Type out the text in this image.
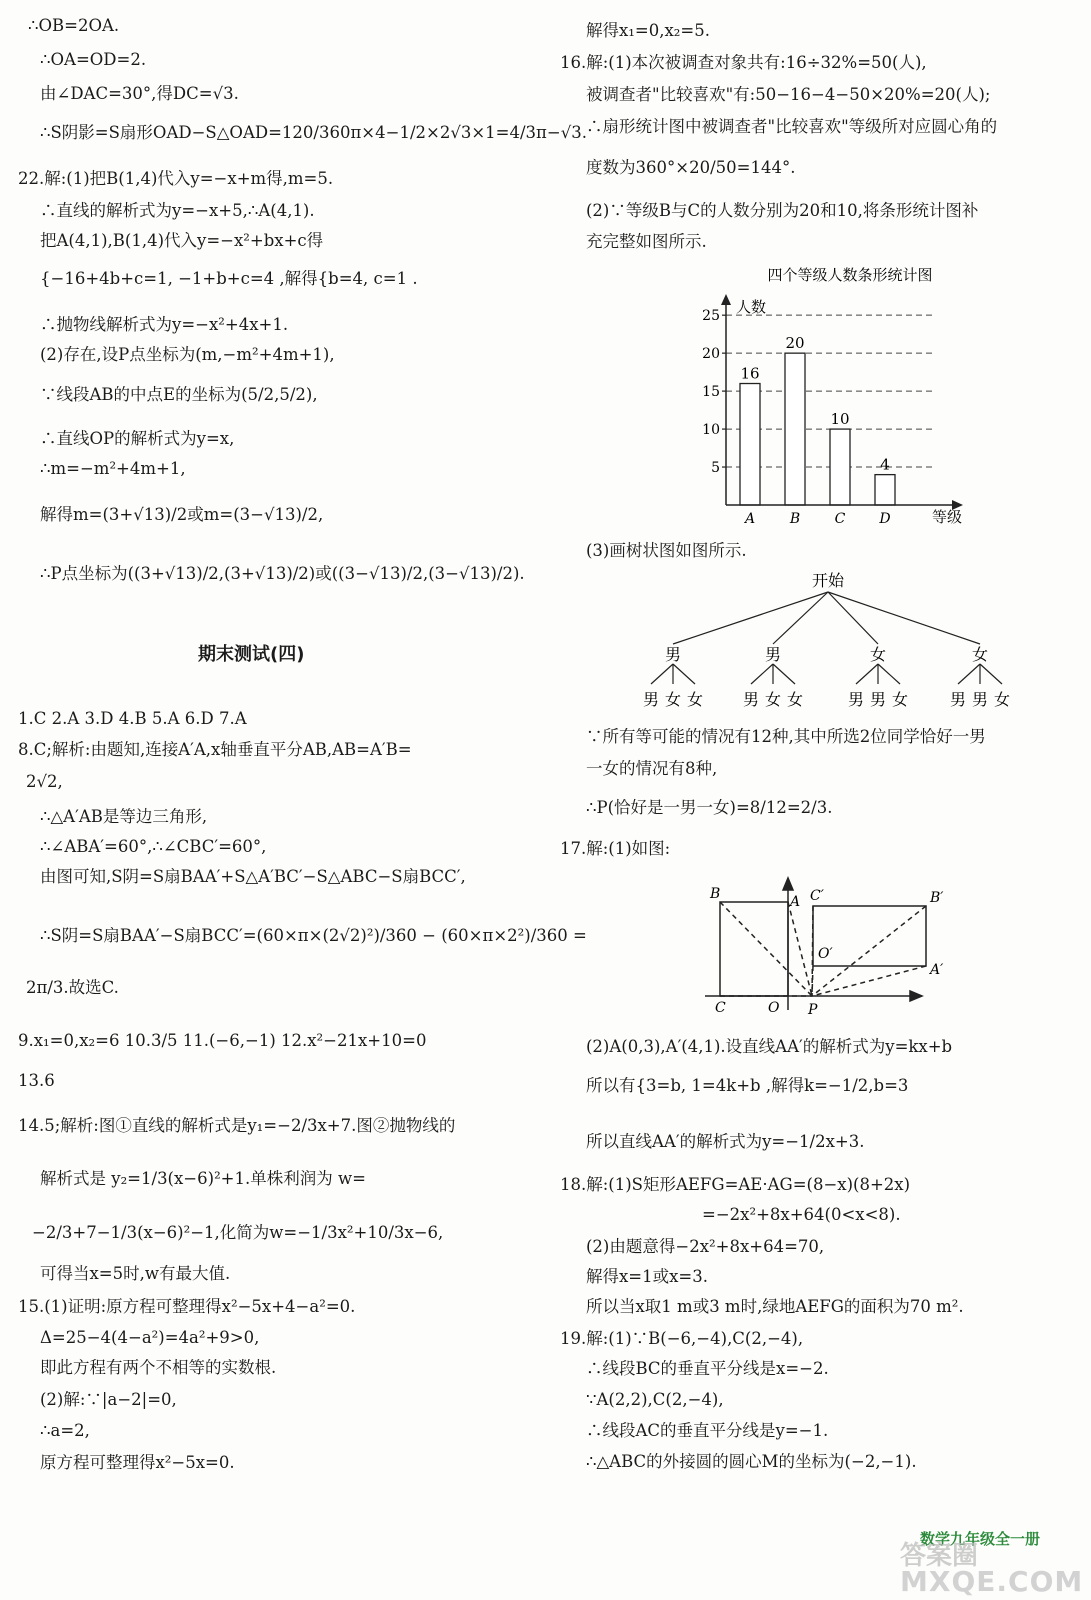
∴OB=2OA.
∴OA=OD=2.
由∠DAC=30°,得DC=√3.
∴S阴影=S扇形OAD−S△OAD=120/360π×4−1/2×2√3×1=4/3π−√3.
22.解:(1)把B(1,4)代入y=−x+m得,m=5.
∴直线的解析式为y=−x+5,∴A(4,1).
把A(4,1),B(1,4)代入y=−x²+bx+c得
{−16+4b+c=1, −1+b+c=4 ,解得{b=4, c=1 .
∴抛物线解析式为y=−x²+4x+1.
(2)存在,设P点坐标为(m,−m²+4m+1),
∵线段AB的中点E的坐标为(5/2,5/2),
∴直线OP的解析式为y=x,
∴m=−m²+4m+1,
解得m=(3+√13)/2或m=(3−√13)/2,
∴P点坐标为((3+√13)/2,(3+√13)/2)或((3−√13)/2,(3−√13)/2).
期末测试(四)
1.C 2.A 3.D 4.B 5.A 6.D 7.A
8.C;解析:由题知,连接A′A,x轴垂直平分AB,AB=A′B=
2√2,
∴△A′AB是等边三角形,
∴∠ABA′=60°,∴∠CBC′=60°,
由图可知,S阴=S扇BAA′+S△A′BC′−S△ABC−S扇BCC′,
∴S阴=S扇BAA′−S扇BCC′=(60×π×(2√2)²)/360 − (60×π×2²)/360 =
2π/3.故选C.
9.x₁=0,x₂=6 10.3/5 11.(−6,−1) 12.x²−21x+10=0
13.6
14.5;解析:图①直线的解析式是y₁=−2/3x+7.图②抛物线的
解析式是 y₂=1/3(x−6)²+1.单株利润为 w=
−2/3+7−1/3(x−6)²−1,化简为w=−1/3x²+10/3x−6,
可得当x=5时,w有最大值.
15.(1)证明:原方程可整理得x²−5x+4−a²=0.
Δ=25−4(4−a²)=4a²+9>0,
即此方程有两个不相等的实数根.
(2)解:∵|a−2|=0,
∴a=2,
原方程可整理得x²−5x=0.
解得x₁=0,x₂=5.
16.解:(1)本次被调查对象共有:16÷32%=50(人),
被调查者"比较喜欢"有:50−16−4−50×20%=20(人);
∴扇形统计图中被调查者"比较喜欢"等级所对应圆心角的
度数为360°×20/50=144°.
(2)∵等级B与C的人数分别为20和10,将条形统计图补
充完整如图所示.
四个等级人数条形统计图
人数
等级
5
10
15
20
25
16
A
20
B
10
C
4
D
(3)画树状图如图所示.
开始
男
男 女 女
男
男 女 女
女
男 男 女
女
男 男 女
∵所有等可能的情况有12种,其中所选2位同学恰好一男
一女的情况有8种,
∴P(恰好是一男一女)=8/12=2/3.
17.解:(1)如图:
B	A C′	B′
O′
A′
C	O P
(2)A(0,3),A′(4,1).设直线AA′的解析式为y=kx+b
所以有{3=b, 1=4k+b ,解得k=−1/2,b=3
所以直线AA′的解析式为y=−1/2x+3.
18.解:(1)S矩形AEFG=AE·AG=(8−x)(8+2x)
=−2x²+8x+64(0<x<8).
(2)由题意得−2x²+8x+64=70,
解得x=1或x=3.
所以当x取1 m或3 m时,绿地AEFG的面积为70 m².
19.解:(1)∵B(−6,−4),C(2,−4),
∴线段BC的垂直平分线是x=−2.
∵A(2,2),C(2,−4),
∴线段AC的垂直平分线是y=−1.
∴△ABC的外接圆的圆心M的坐标为(−2,−1).
数学九年级全一册
答案圈
MXQE.COM
